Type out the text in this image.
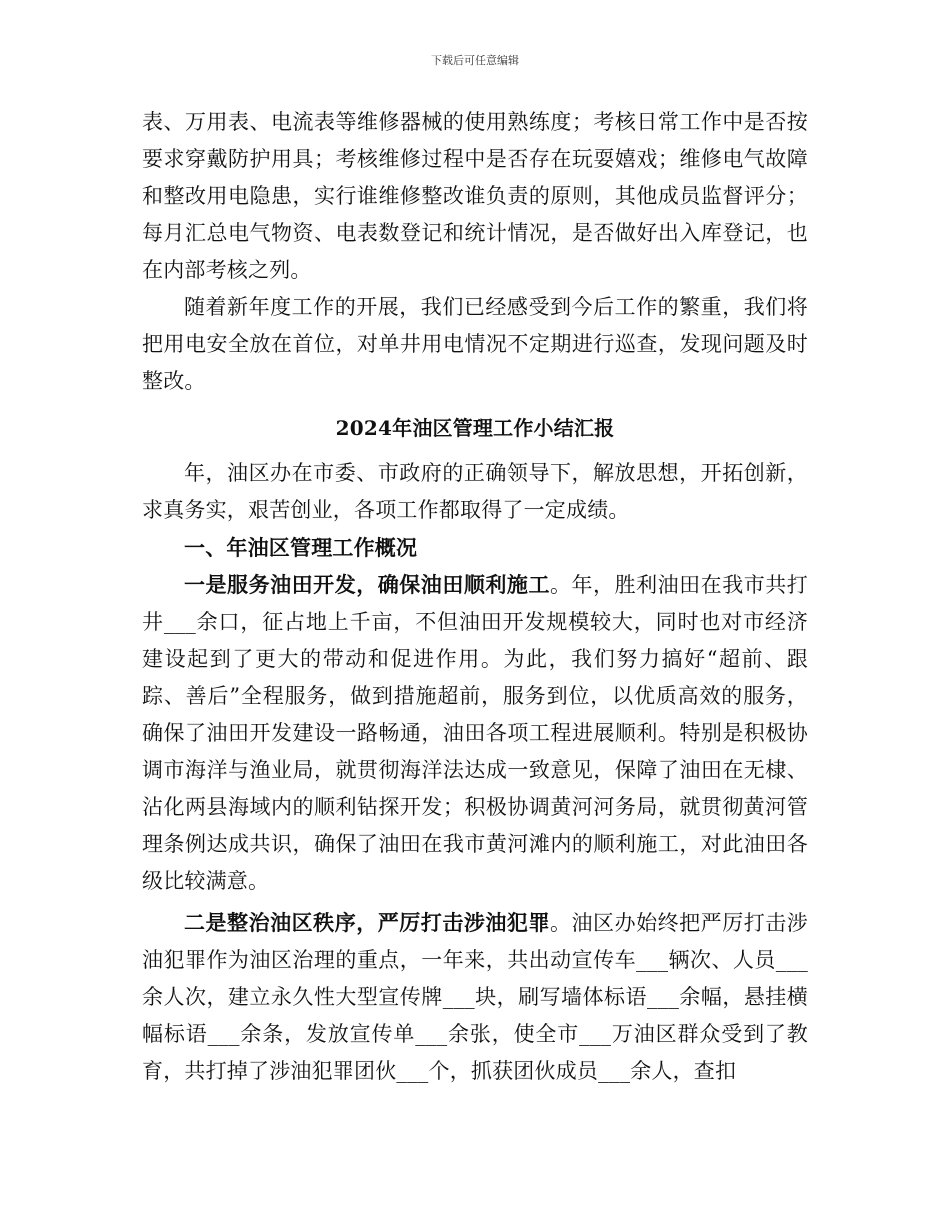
下载后可任意编辑

表、万用表、电流表等维修器械的使用熟练度；考核日常工作中是否按要求穿戴防护用具；考核维修过程中是否存在玩耍嬉戏；维修电气故障和整改用电隐患，实行谁维修整改谁负责的原则，其他成员监督评分；每月汇总电气物资、电表数登记和统计情况，是否做好出入库登记，也在内部考核之列。

随着新年度工作的开展，我们已经感受到今后工作的繁重，我们将把用电安全放在首位，对单井用电情况不定期进行巡查，发现问题及时整改。

2024年油区管理工作小结汇报

年，油区办在市委、市政府的正确领导下，解放思想，开拓创新，求真务实，艰苦创业，各项工作都取得了一定成绩。

一、年油区管理工作概况

一是服务油田开发，确保油田顺利施工。年，胜利油田在我市共打井___余口，征占地上千亩，不但油田开发规模较大，同时也对市经济建设起到了更大的带动和促进作用。为此，我们努力搞好“超前、跟踪、善后”全程服务，做到措施超前，服务到位，以优质高效的服务，确保了油田开发建设一路畅通，油田各项工程进展顺利。特别是积极协调市海洋与渔业局，就贯彻海洋法达成一致意见，保障了油田在无棣、沾化两县海域内的顺利钻探开发；积极协调黄河河务局，就贯彻黄河管理条例达成共识，确保了油田在我市黄河滩内的顺利施工，对此油田各级比较满意。

二是整治油区秩序，严厉打击涉油犯罪。油区办始终把严厉打击涉油犯罪作为油区治理的重点，一年来，共出动宣传车___辆次、人员___余人次，建立永久性大型宣传牌___块，刷写墙体标语___余幅，悬挂横幅标语___余条，发放宣传单___余张，使全市___万油区群众受到了教育，共打掉了涉油犯罪团伙___个，抓获团伙成员___余人，查扣
